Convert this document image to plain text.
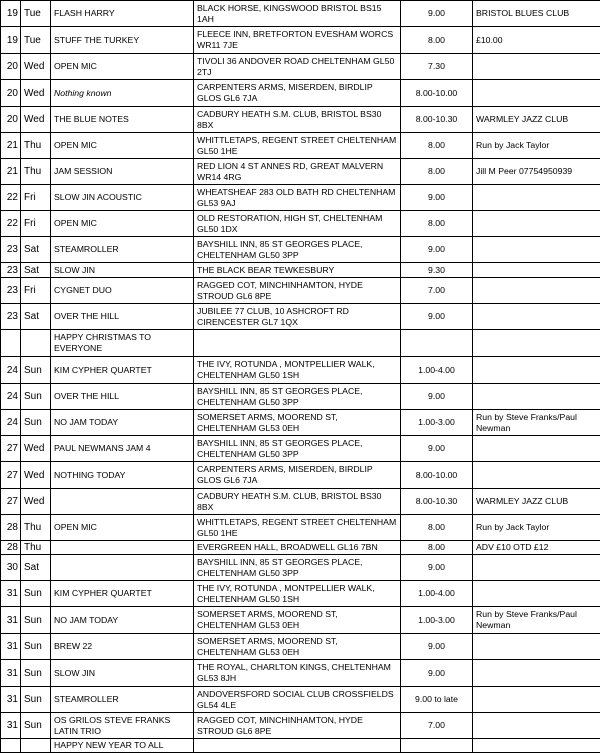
19	Tue	FLASH HARRY	BLACK HORSE, KINGSWOOD BRISTOL BS15 1AH	9.00	BRISTOL BLUES CLUB
19	Tue	STUFF THE TURKEY	FLEECE INN, BRETFORTON EVESHAM WORCS WR11 7JE	8.00	£10.00
20	Wed	OPEN MIC	TIVOLI 36 ANDOVER ROAD CHELTENHAM GL50 2TJ	7.30	
20	Wed	Nothing known	CARPENTERS ARMS, MISERDEN, BIRDLIP GLOS GL6 7JA	8.00-10.00	
20	Wed	THE BLUE NOTES	CADBURY HEATH S.M. CLUB, BRISTOL BS30 8BX	8.00-10.30	WARMLEY JAZZ CLUB
21	Thu	OPEN MIC	WHITTLETAPS, REGENT STREET CHELTENHAM GL50 1HE	8.00	Run by Jack Taylor
21	Thu	JAM SESSION	RED LION 4 ST ANNES RD, GREAT MALVERN WR14 4RG	8.00	Jill M Peer 07754950939
22	Fri	SLOW JIN ACOUSTIC	WHEATSHEAF 283 OLD BATH RD CHELTENHAM GL53 9AJ	9.00	
22	Fri	OPEN MIC	OLD RESTORATION, HIGH ST, CHELTENHAM GL50 1DX	8.00	
23	Sat	STEAMROLLER	BAYSHILL INN, 85 ST GEORGES PLACE, CHELTENHAM GL50 3PP	9.00	
23	Sat	SLOW JIN	THE BLACK BEAR TEWKESBURY	9.30	
23	Fri	CYGNET DUO	RAGGED COT, MINCHINHAMTON, HYDE STROUD GL6 8PE	7.00	
23	Sat	OVER THE HILL	JUBILEE 77 CLUB, 10 ASHCROFT RD CIRENCESTER GL7 1QX	9.00	
		HAPPY CHRISTMAS TO EVERYONE			
24	Sun	KIM CYPHER QUARTET	THE IVY, ROTUNDA , MONTPELLIER WALK, CHELTENHAM GL50 1SH	1.00-4.00	
24	Sun	OVER THE HILL	BAYSHILL INN, 85 ST GEORGES PLACE, CHELTENHAM GL50 3PP	9.00	
24	Sun	NO JAM TODAY	SOMERSET ARMS, MOOREND ST, CHELTENHAM GL53 0EH	1.00-3.00	Run by Steve Franks/Paul Newman
27	Wed	PAUL NEWMANS JAM 4	BAYSHILL INN, 85 ST GEORGES PLACE, CHELTENHAM GL50 3PP	9.00	
27	Wed	NOTHING TODAY	CARPENTERS ARMS, MISERDEN, BIRDLIP GLOS GL6 7JA	8.00-10.00	
27	Wed		CADBURY HEATH S.M. CLUB, BRISTOL BS30 8BX	8.00-10.30	WARMLEY JAZZ CLUB
28	Thu	OPEN MIC	WHITTLETAPS, REGENT STREET CHELTENHAM GL50 1HE	8.00	Run by Jack Taylor
28	Thu		EVERGREEN HALL, BROADWELL GL16 7BN	8.00	ADV £10 OTD £12
30	Sat		BAYSHILL INN, 85 ST GEORGES PLACE, CHELTENHAM GL50 3PP	9.00	
31	Sun	KIM CYPHER QUARTET	THE IVY, ROTUNDA , MONTPELLIER WALK, CHELTENHAM GL50 1SH	1.00-4.00	
31	Sun	NO JAM TODAY	SOMERSET ARMS, MOOREND ST, CHELTENHAM GL53 0EH	1.00-3.00	Run by Steve Franks/Paul Newman
31	Sun	BREW 22	SOMERSET ARMS, MOOREND ST, CHELTENHAM GL53 0EH	9.00	
31	Sun	SLOW JIN	THE ROYAL, CHARLTON KINGS, CHELTENHAM GL53 8JH	9.00	
31	Sun	STEAMROLLER	ANDOVERSFORD SOCIAL CLUB CROSSFIELDS GL54 4LE	9.00 to late	
31	Sun	OS GRILOS STEVE FRANKS LATIN TRIO	RAGGED COT, MINCHINHAMTON, HYDE STROUD GL6 8PE	7.00	
		HAPPY NEW YEAR TO ALL			
